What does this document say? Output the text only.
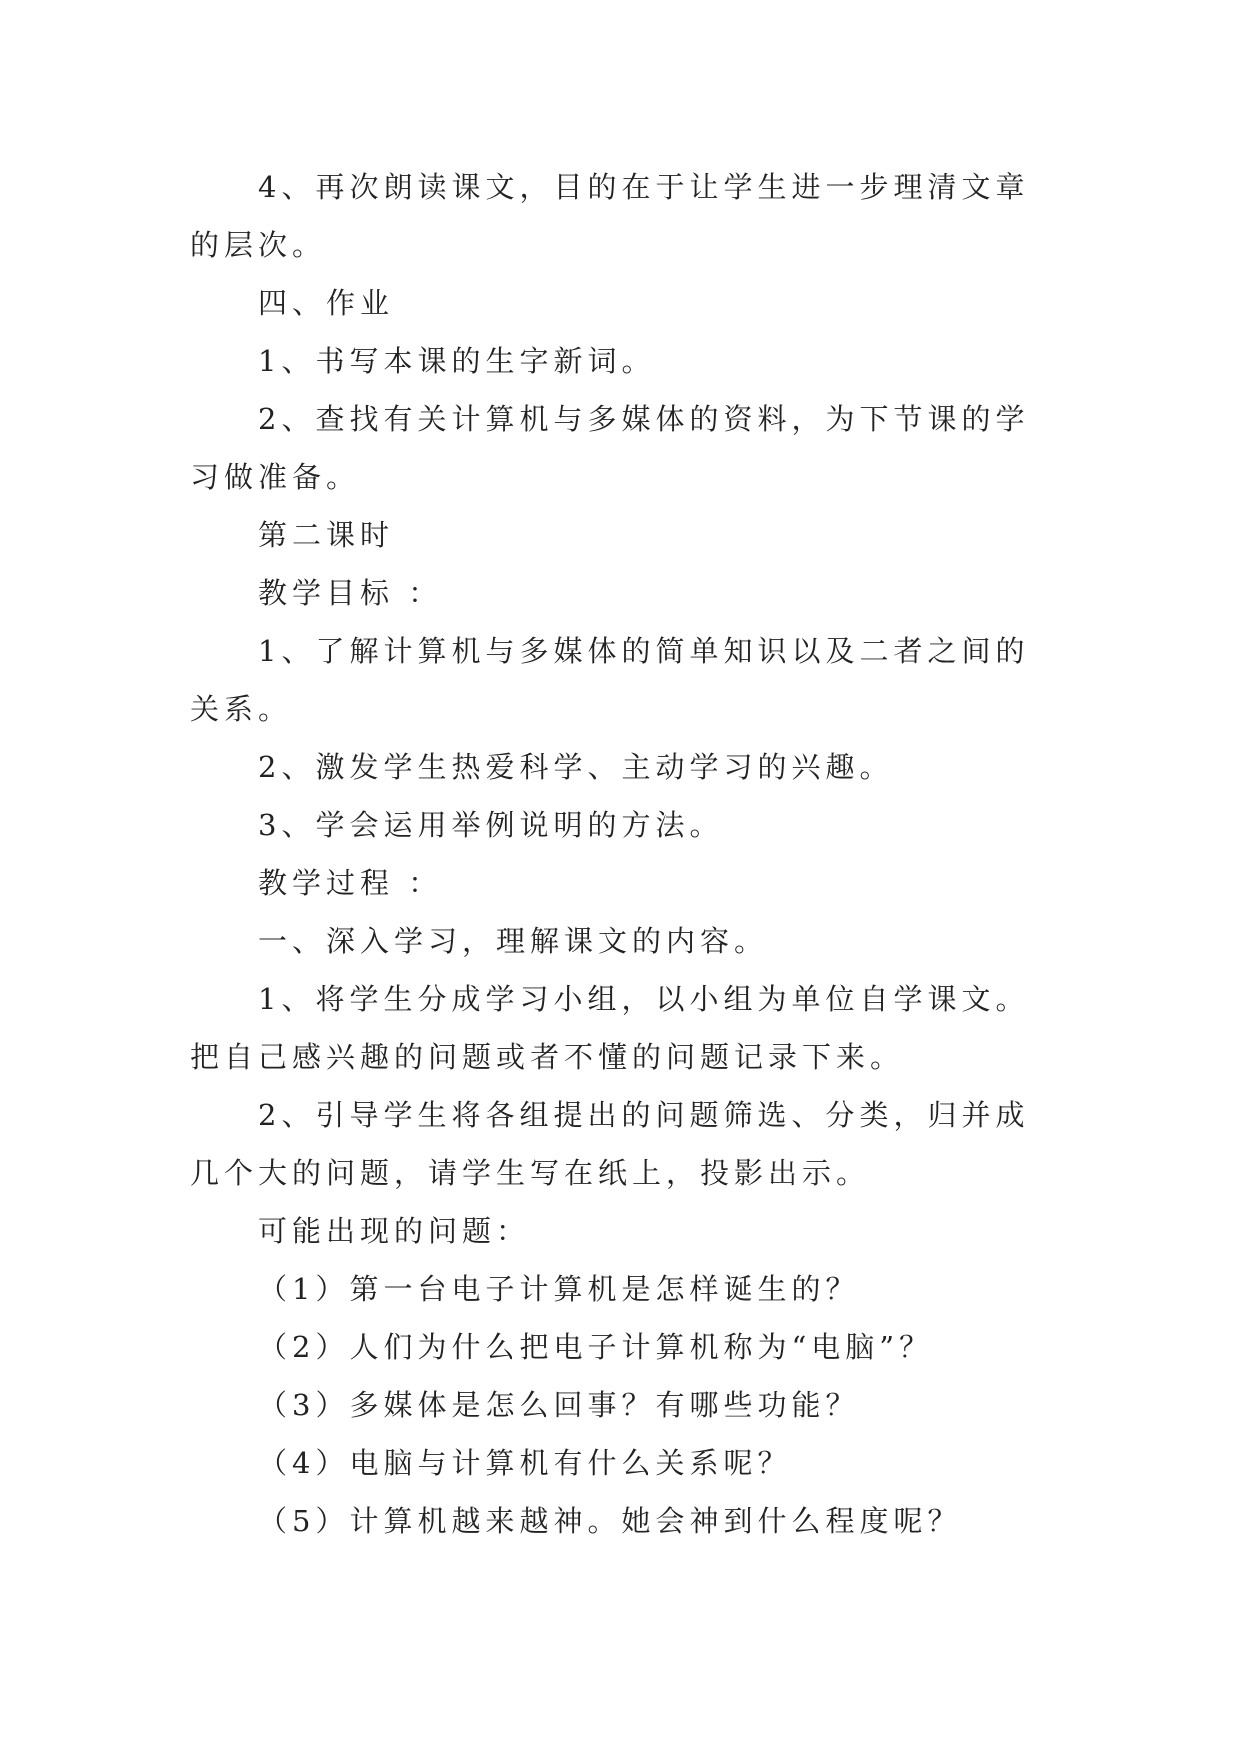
4、再次朗读课文，目的在于让学生进一步理清文章的层次。

四、作业

1、书写本课的生字新词。

2、查找有关计算机与多媒体的资料，为下节课的学习做准备。

第二课时

教学目标 ：

1、了解计算机与多媒体的简单知识以及二者之间的关系。

2、激发学生热爱科学、主动学习的兴趣。

3、学会运用举例说明的方法。

教学过程 ：

一、深入学习，理解课文的内容。

1、将学生分成学习小组，以小组为单位自学课文。把自己感兴趣的问题或者不懂的问题记录下来。

2、引导学生将各组提出的问题筛选、分类，归并成几个大的问题，请学生写在纸上，投影出示。

可能出现的问题：

（1）第一台电子计算机是怎样诞生的？

（2）人们为什么把电子计算机称为“电脑”？

（3）多媒体是怎么回事？有哪些功能？

（4）电脑与计算机有什么关系呢？

（5）计算机越来越神。她会神到什么程度呢？
